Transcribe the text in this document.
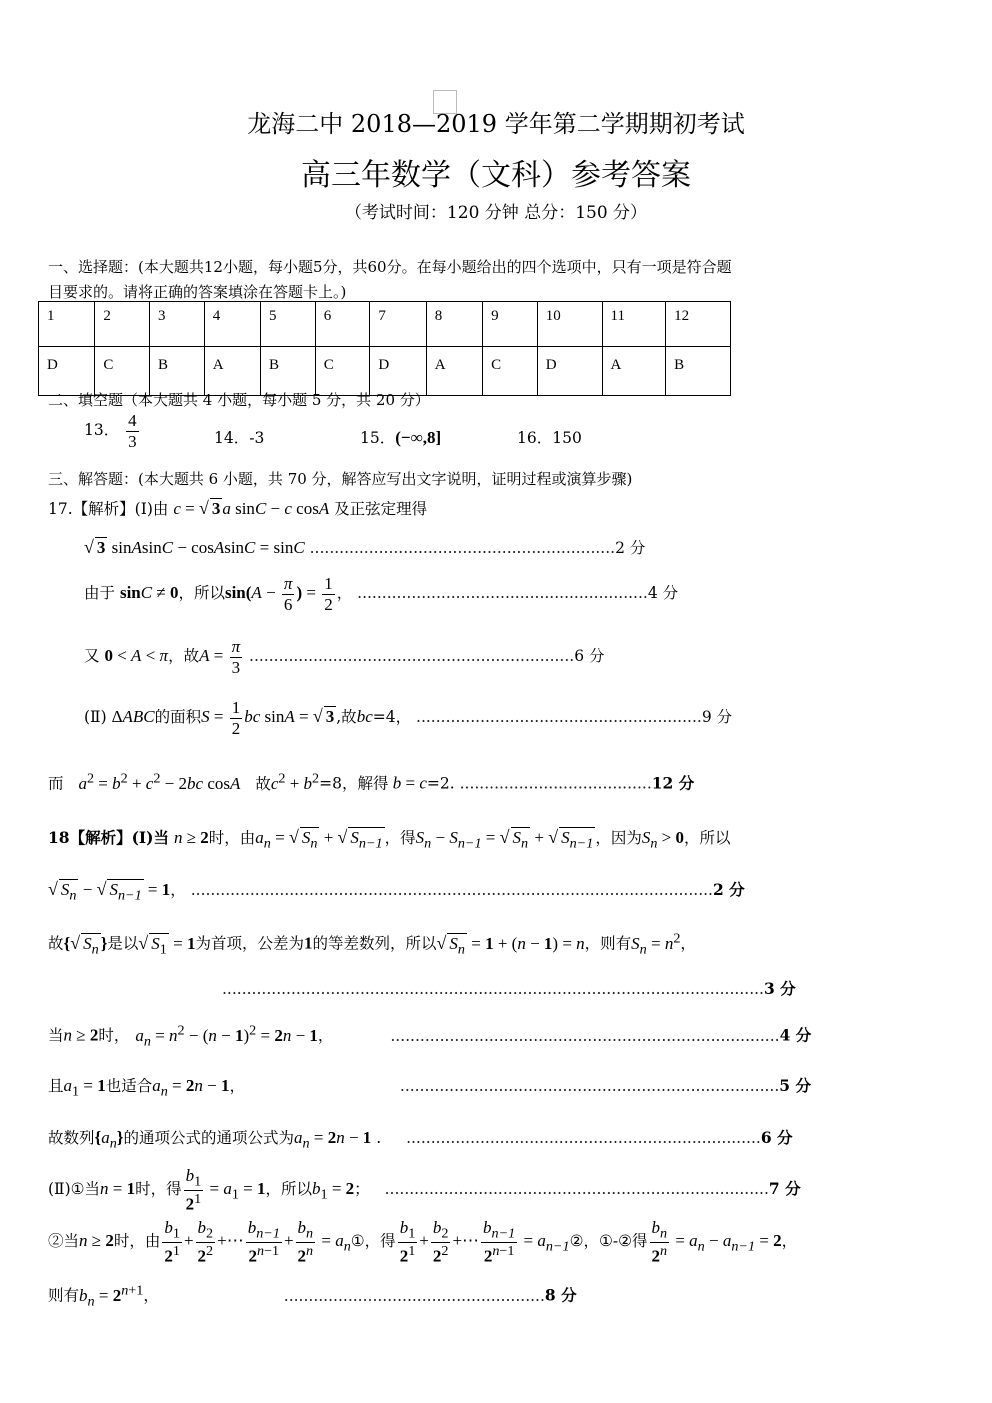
龙海二中 2018—2019 学年第二学期期初考试
高三年数学（文科）参考答案
（考试时间：120 分钟 总分：150 分）
一、选择题：(本大题共12小题，每小题5分，共60分。在每小题给出的四个选项中，只有一项是符合题
目要求的。请将正确的答案填涂在答题卡上。)
1	2	3	4	5	6	7	8	9	10	11	12
D	C	B	A	B	C	D	A	C	D	A	B
二、填空题（本大题共 4 小题，每小题 5 分，共 20 分）
13． $\frac{4}{3}$	14．-3	15．(−∞,8]	16．150
三、解答题：(本大题共 6 小题，共 70 分，解答应写出文字说明，证明过程或演算步骤)
17.【解析】(Ⅰ)由 c = √ 3 a sinC − c cosA 及正弦定理得
√ 3 sinAsinC − cosAsinC = sinC ..............................................................2 分
由于 sinC ≠ 0，所以$\sin(A - \frac{\pi}{6}$ ) = $\frac{1}{2}$ ， ...........................................................4 分
又 0 < A < π，故$A = \frac{\pi}{3} ..................................................................6$ 分
(Ⅱ) ΔABC的面积$S = \frac{1}{2}$ bc sinA = √ 3 ,故bc=4， ..........................................................9 分
而 $a^2 = b^2 + c^2 - 2bc$ cosA 故$c^2 + b^2=8$，解得 b = c=2. .......................................12 分
18【解析】(Ⅰ)当 n ≥ 2时，由$a_n$ = √ $S_n$ + √ $S_{n-1}$ ，得$S_n - S_{n-1}$ = √ $S_n$ + √ $S_{n-1}$ ，因为$S_n > 0$，所以
√ $S_n$ − √ $S_{n-1} = 1$， ..........................................................................................................2 分
故{√ $S_n$ }是以√ $S_1 = 1$为首项，公差为1的等差数列，所以√ $S_n = 1 + (n - 1) = n$，则有$S_n = n^2$，
..............................................................................................................3 分
当n ≥ 2时， $a_n = n^2 - (n - 1)^2 = 2n - 1$，	...............................................................................4 分
且$a_1 = 1$也适合$a_n = 2n - 1$，	.............................................................................5 分
故数列$\{a_n\}$的通项公式的通项公式为$a_n = 2n - 1$ . ........................................................................6 分
(Ⅱ)①当n = 1时，得 $\frac{b_1}{2^1} = a_1 = 1$，所以$b_1 = 2$； ..............................................................................7 分
②当n ≥ 2时，由 $\frac{b_1}{2^1} + \frac{b_2}{2^2}$ +⋯ $\frac{b_{n-1}}{2^{n-1}} + \frac{b_n}{2^n}$ = $a_n①$，得 $\frac{b_1}{2^1} + \frac{b_2}{2^2}$ +⋯ $\frac{b_{n-1}}{2^{n-1}}$ = $a_{n-1}②$，①-②得 $\frac{b_n}{2^n} = a_n - a_{n-1} = 2$，
则有$b_n = 2^{n+1}$，	.....................................................8 分
